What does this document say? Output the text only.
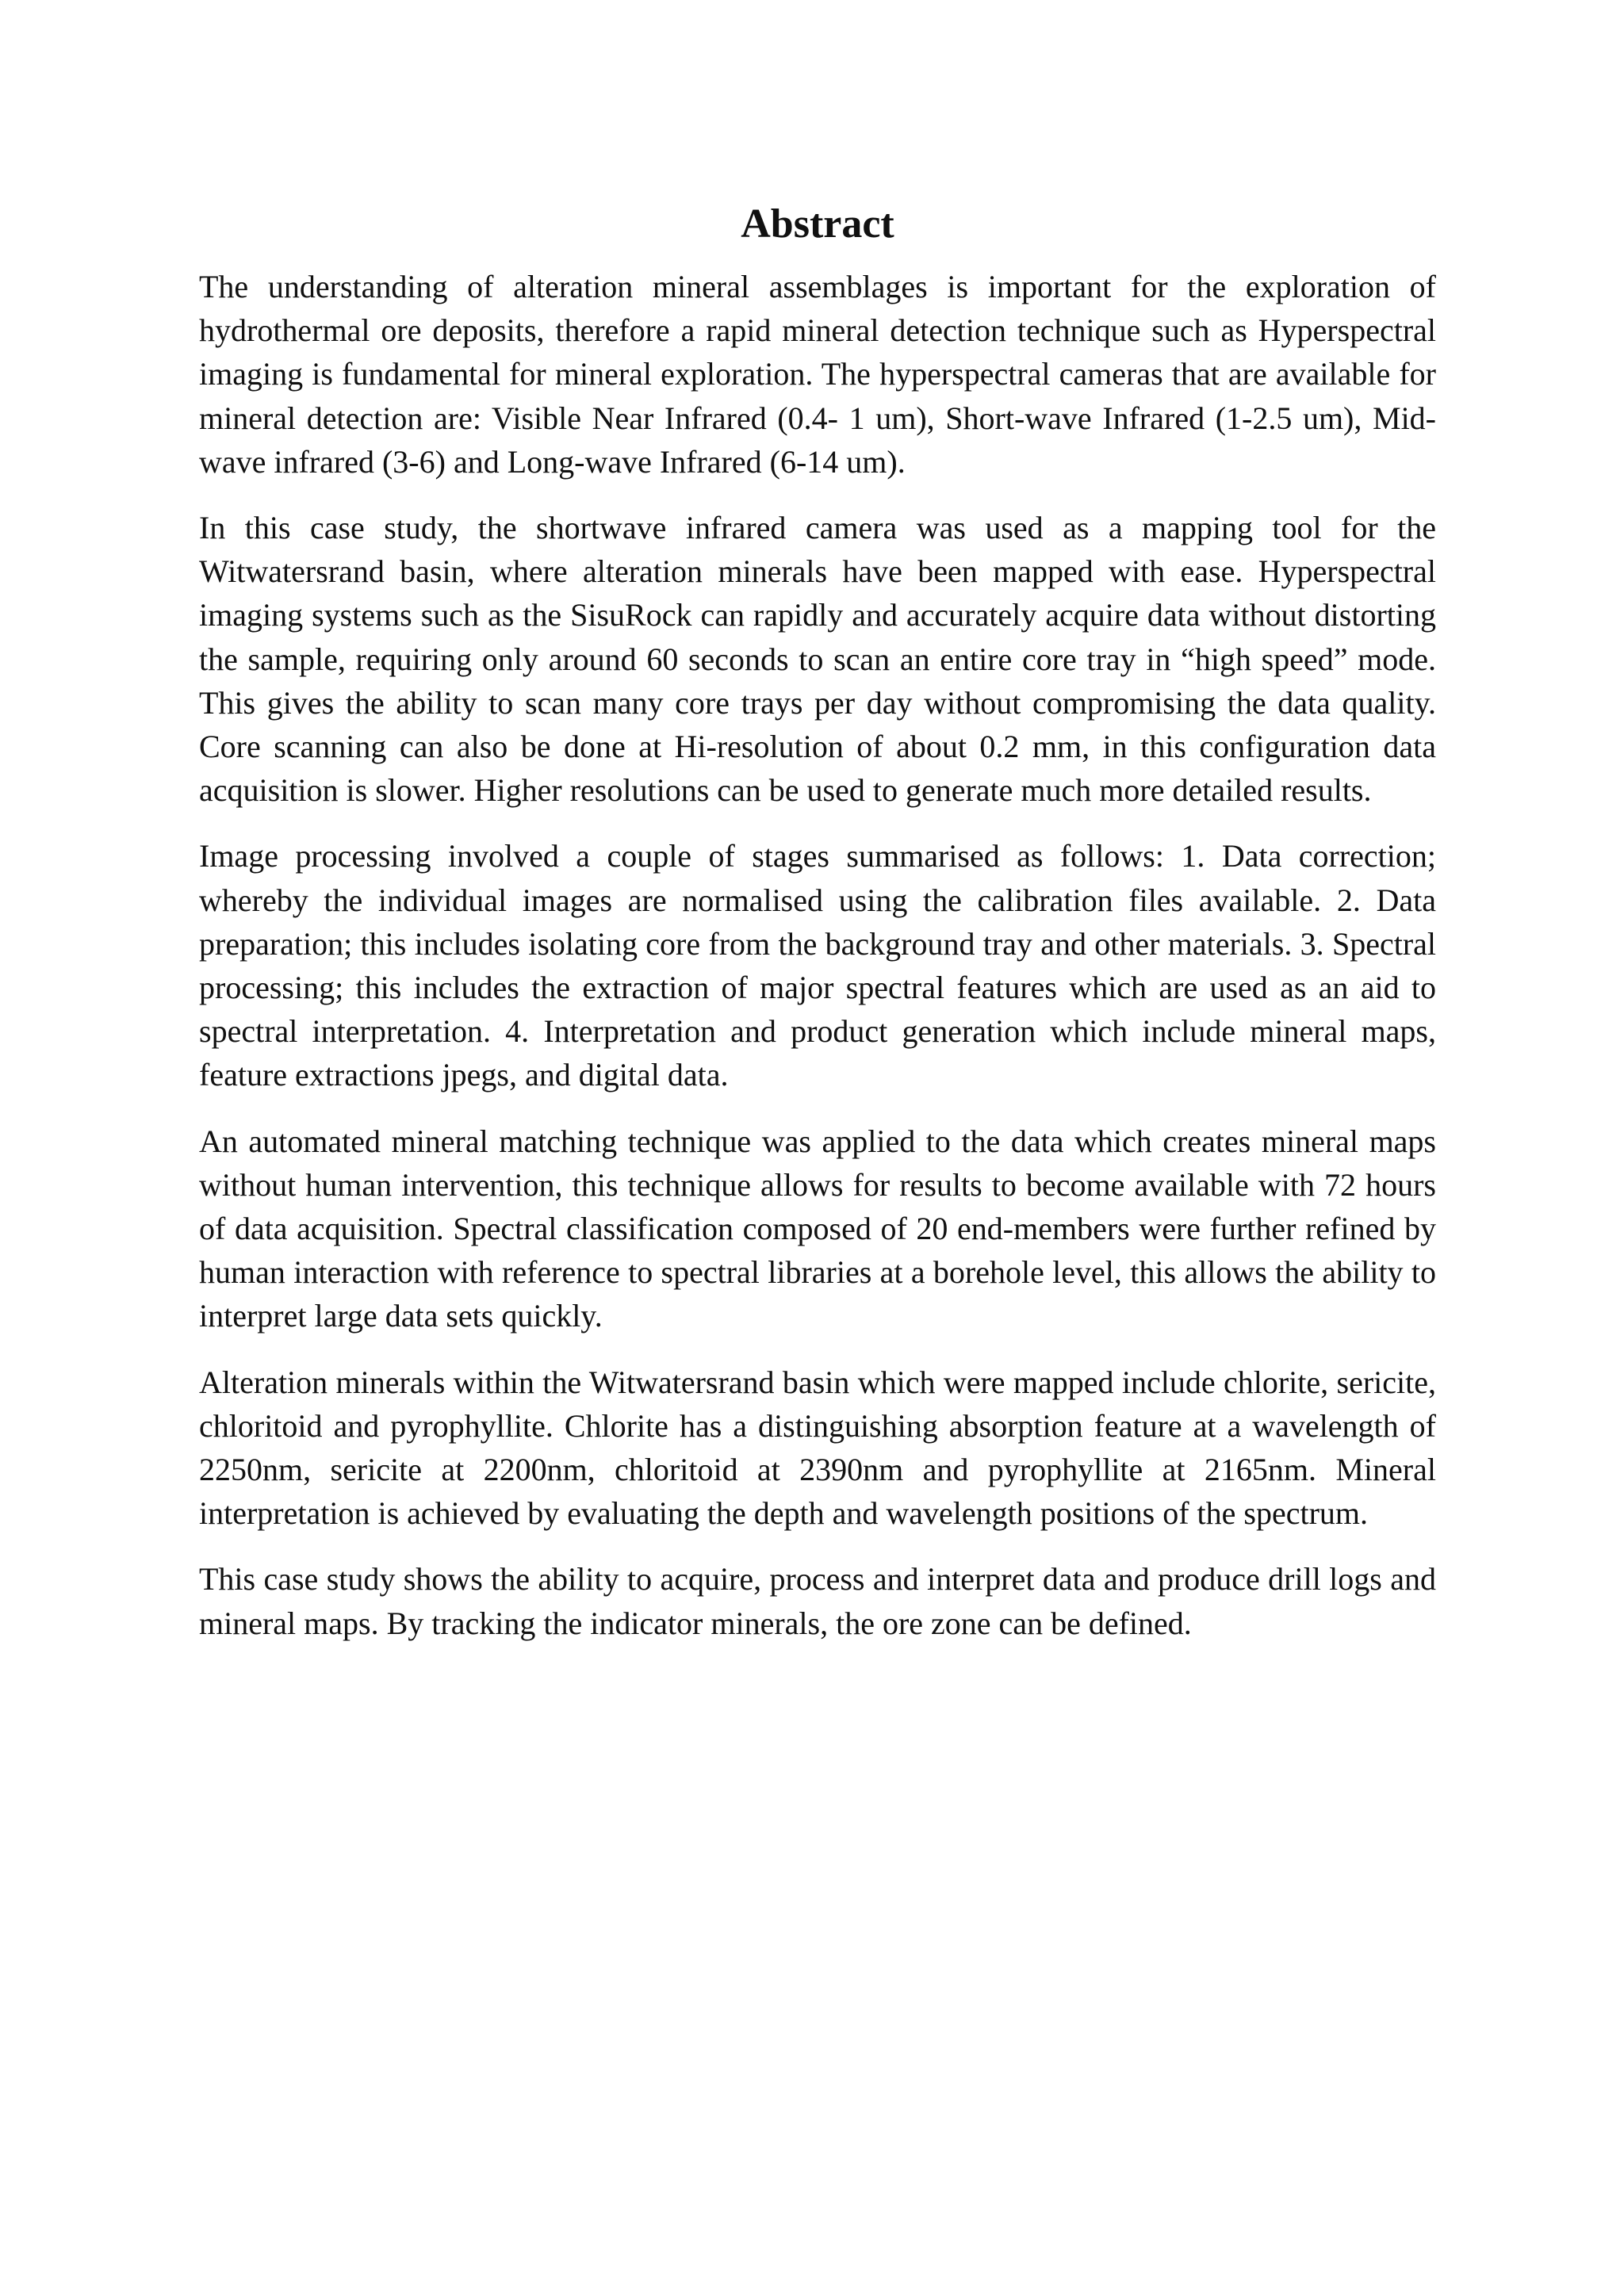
Abstract

The understanding of alteration mineral assemblages is important for the exploration of hydrothermal ore deposits, therefore a rapid mineral detection technique such as Hyperspectral imaging is fundamental for mineral exploration. The hyperspectral cameras that are available for mineral detection are: Visible Near Infrared (0.4- 1 um), Short-wave Infrared (1-2.5 um), Mid-wave infrared (3-6) and Long-wave Infrared (6-14 um).

In this case study, the shortwave infrared camera was used as a mapping tool for the Witwatersrand basin, where alteration minerals have been mapped with ease. Hyperspectral imaging systems such as the SisuRock can rapidly and accurately acquire data without distorting the sample, requiring only around 60 seconds to scan an entire core tray in “high speed” mode. This gives the ability to scan many core trays per day without compromising the data quality. Core scanning can also be done at Hi-resolution of about 0.2 mm, in this configuration data acquisition is slower. Higher resolutions can be used to generate much more detailed results.

Image processing involved a couple of stages summarised as follows: 1. Data correction; whereby the individual images are normalised using the calibration files available. 2. Data preparation; this includes isolating core from the background tray and other materials. 3. Spectral processing; this includes the extraction of major spectral features which are used as an aid to spectral interpretation. 4. Interpretation and product generation which include mineral maps, feature extractions jpegs, and digital data.

An automated mineral matching technique was applied to the data which creates mineral maps without human intervention, this technique allows for results to become available with 72 hours of data acquisition. Spectral classification composed of 20 end-members were further refined by human interaction with reference to spectral libraries at a borehole level, this allows the ability to interpret large data sets quickly.

Alteration minerals within the Witwatersrand basin which were mapped include chlorite, sericite, chloritoid and pyrophyllite. Chlorite has a distinguishing absorption feature at a wavelength of 2250nm, sericite at 2200nm, chloritoid at 2390nm and pyrophyllite at 2165nm. Mineral interpretation is achieved by evaluating the depth and wavelength positions of the spectrum.

This case study shows the ability to acquire, process and interpret data and produce drill logs and mineral maps. By tracking the indicator minerals, the ore zone can be defined.
